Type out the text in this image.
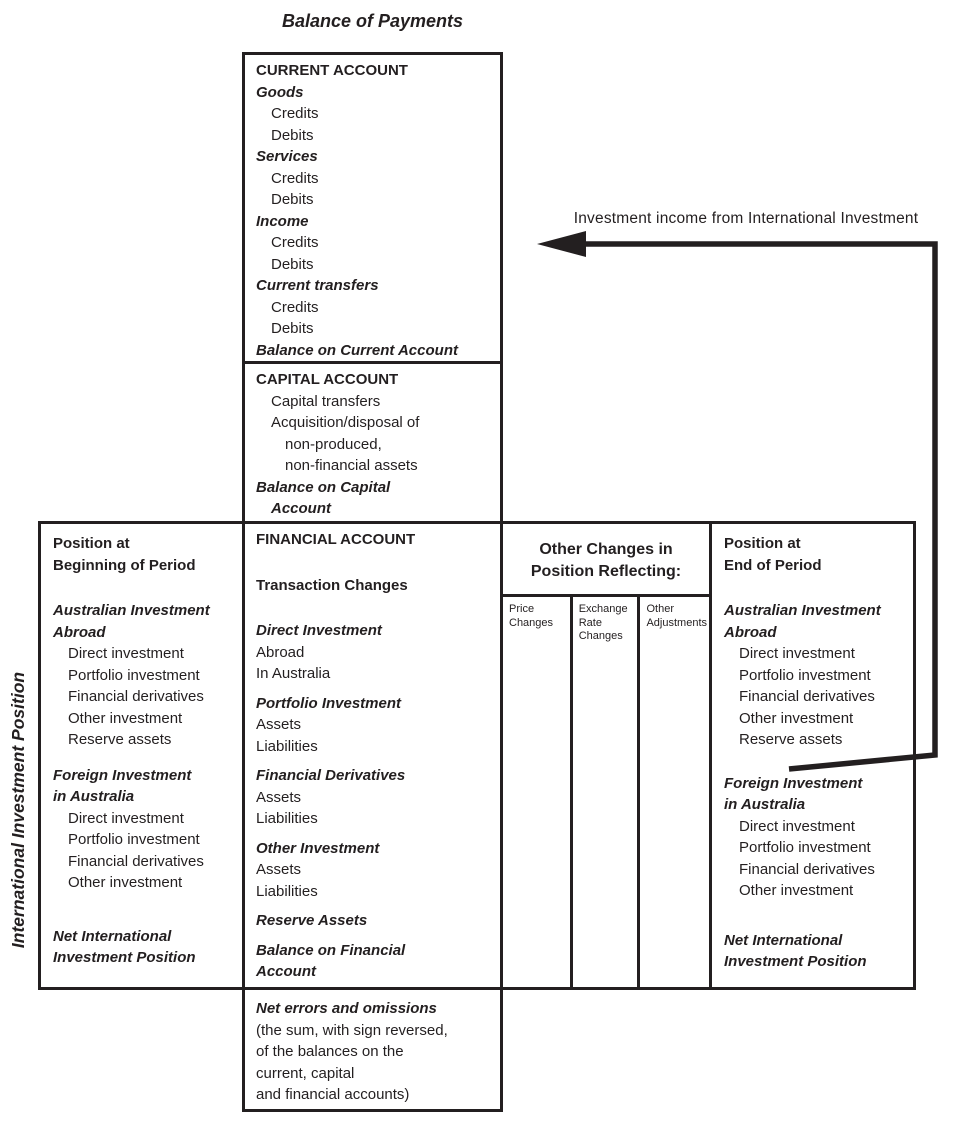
Balance of Payments
CURRENT ACCOUNT
Goods
Credits
Debits
Services
Credits
Debits
Income
Credits
Debits
Current transfers
Credits
Debits
Balance on Current Account
CAPITAL ACCOUNT
Capital transfers
Acquisition/disposal of
non-produced,
non-financial assets
Balance on Capital
Account
FINANCIAL ACCOUNT
Transaction Changes
Direct Investment
Abroad
In Australia
Portfolio Investment
Assets
Liabilities
Financial Derivatives
Assets
Liabilities
Other Investment
Assets
Liabilities
Reserve Assets
Balance on Financial
Account
Net errors and omissions
(the sum, with sign reversed,
of the balances on the
current, capital
and financial accounts)
Position at
Beginning of Period
Australian Investment
Abroad
Direct investment
Portfolio investment
Financial derivatives
Other investment
Reserve assets
Foreign Investment
in Australia
Direct investment
Portfolio investment
Financial derivatives
Other investment
Net International
Investment Position
Other Changes in
Position Reflecting:
Price
Changes
Exchange
Rate
Changes
Other
Adjustments
Position at
End of Period
Australian Investment
Abroad
Direct investment
Portfolio investment
Financial derivatives
Other investment
Reserve assets
Foreign Investment
in Australia
Direct investment
Portfolio investment
Financial derivatives
Other investment
Net International
Investment Position
International Investment Position
Investment income from International Investment
